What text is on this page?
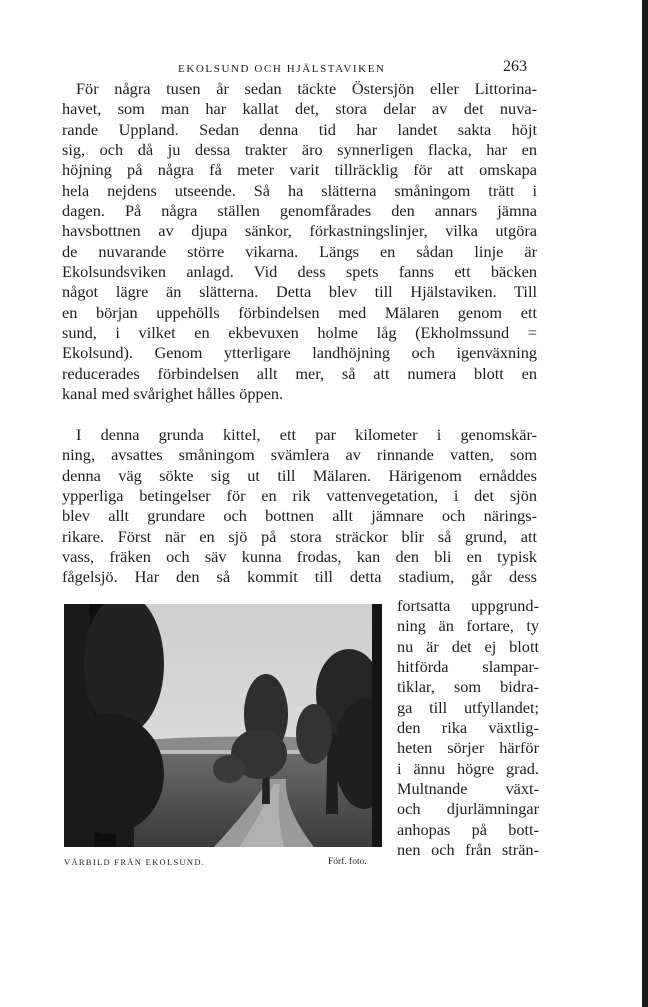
EKOLSUND OCH HJÄLSTAVIKEN	263
För några tusen år sedan täckte Östersjön eller Littorina-
havet, som man har kallat det, stora delar av det nuva-
rande Uppland. Sedan denna tid har landet sakta höjt
sig, och då ju dessa trakter äro synnerligen flacka, har en
höjning på några få meter varit tillräcklig för att omskapa
hela nejdens utseende. Så ha slätterna småningom trätt i
dagen. På några ställen genomfårades den annars jämna
havsbottnen av djupa sänkor, förkastningslinjer, vilka utgöra
de nuvarande större vikarna. Längs en sådan linje är
Ekolsundsviken anlagd. Vid dess spets fanns ett bäcken
något lägre än slätterna. Detta blev till Hjälstaviken. Till
en början uppehölls förbindelsen med Mälaren genom ett
sund, i vilket en ekbevuxen holme låg (Ekholmssund =
Ekolsund). Genom ytterligare landhöjning och igenväxning
reducerades förbindelsen allt mer, så att numera blott en
kanal med svårighet hålles öppen.
I denna grunda kittel, ett par kilometer i genomskär-
ning, avsattes småningom svämlera av rinnande vatten, som
denna väg sökte sig ut till Mälaren. Härigenom ernåddes
ypperliga betingelser för en rik vattenvegetation, i det sjön
blev allt grundare och bottnen allt jämnare och närings-
rikare. Först när en sjö på stora sträckor blir så grund, att
vass, fräken och säv kunna frodas, kan den bli en typisk
fågelsjö. Har den så kommit till detta stadium, går dess
fortsatta uppgrund-
ning än fortare, ty
nu är det ej blott
hitförda slampar-
tiklar, som bidra-
ga till utfyllandet;
den rika växtlig-
heten sörjer härför
i ännu högre grad.
Multnande växt-
och djurlämningar
anhopas på bott-
nen och från strän-
VÅRBILD FRÅN EKOLSUND.	Förf. foto.
